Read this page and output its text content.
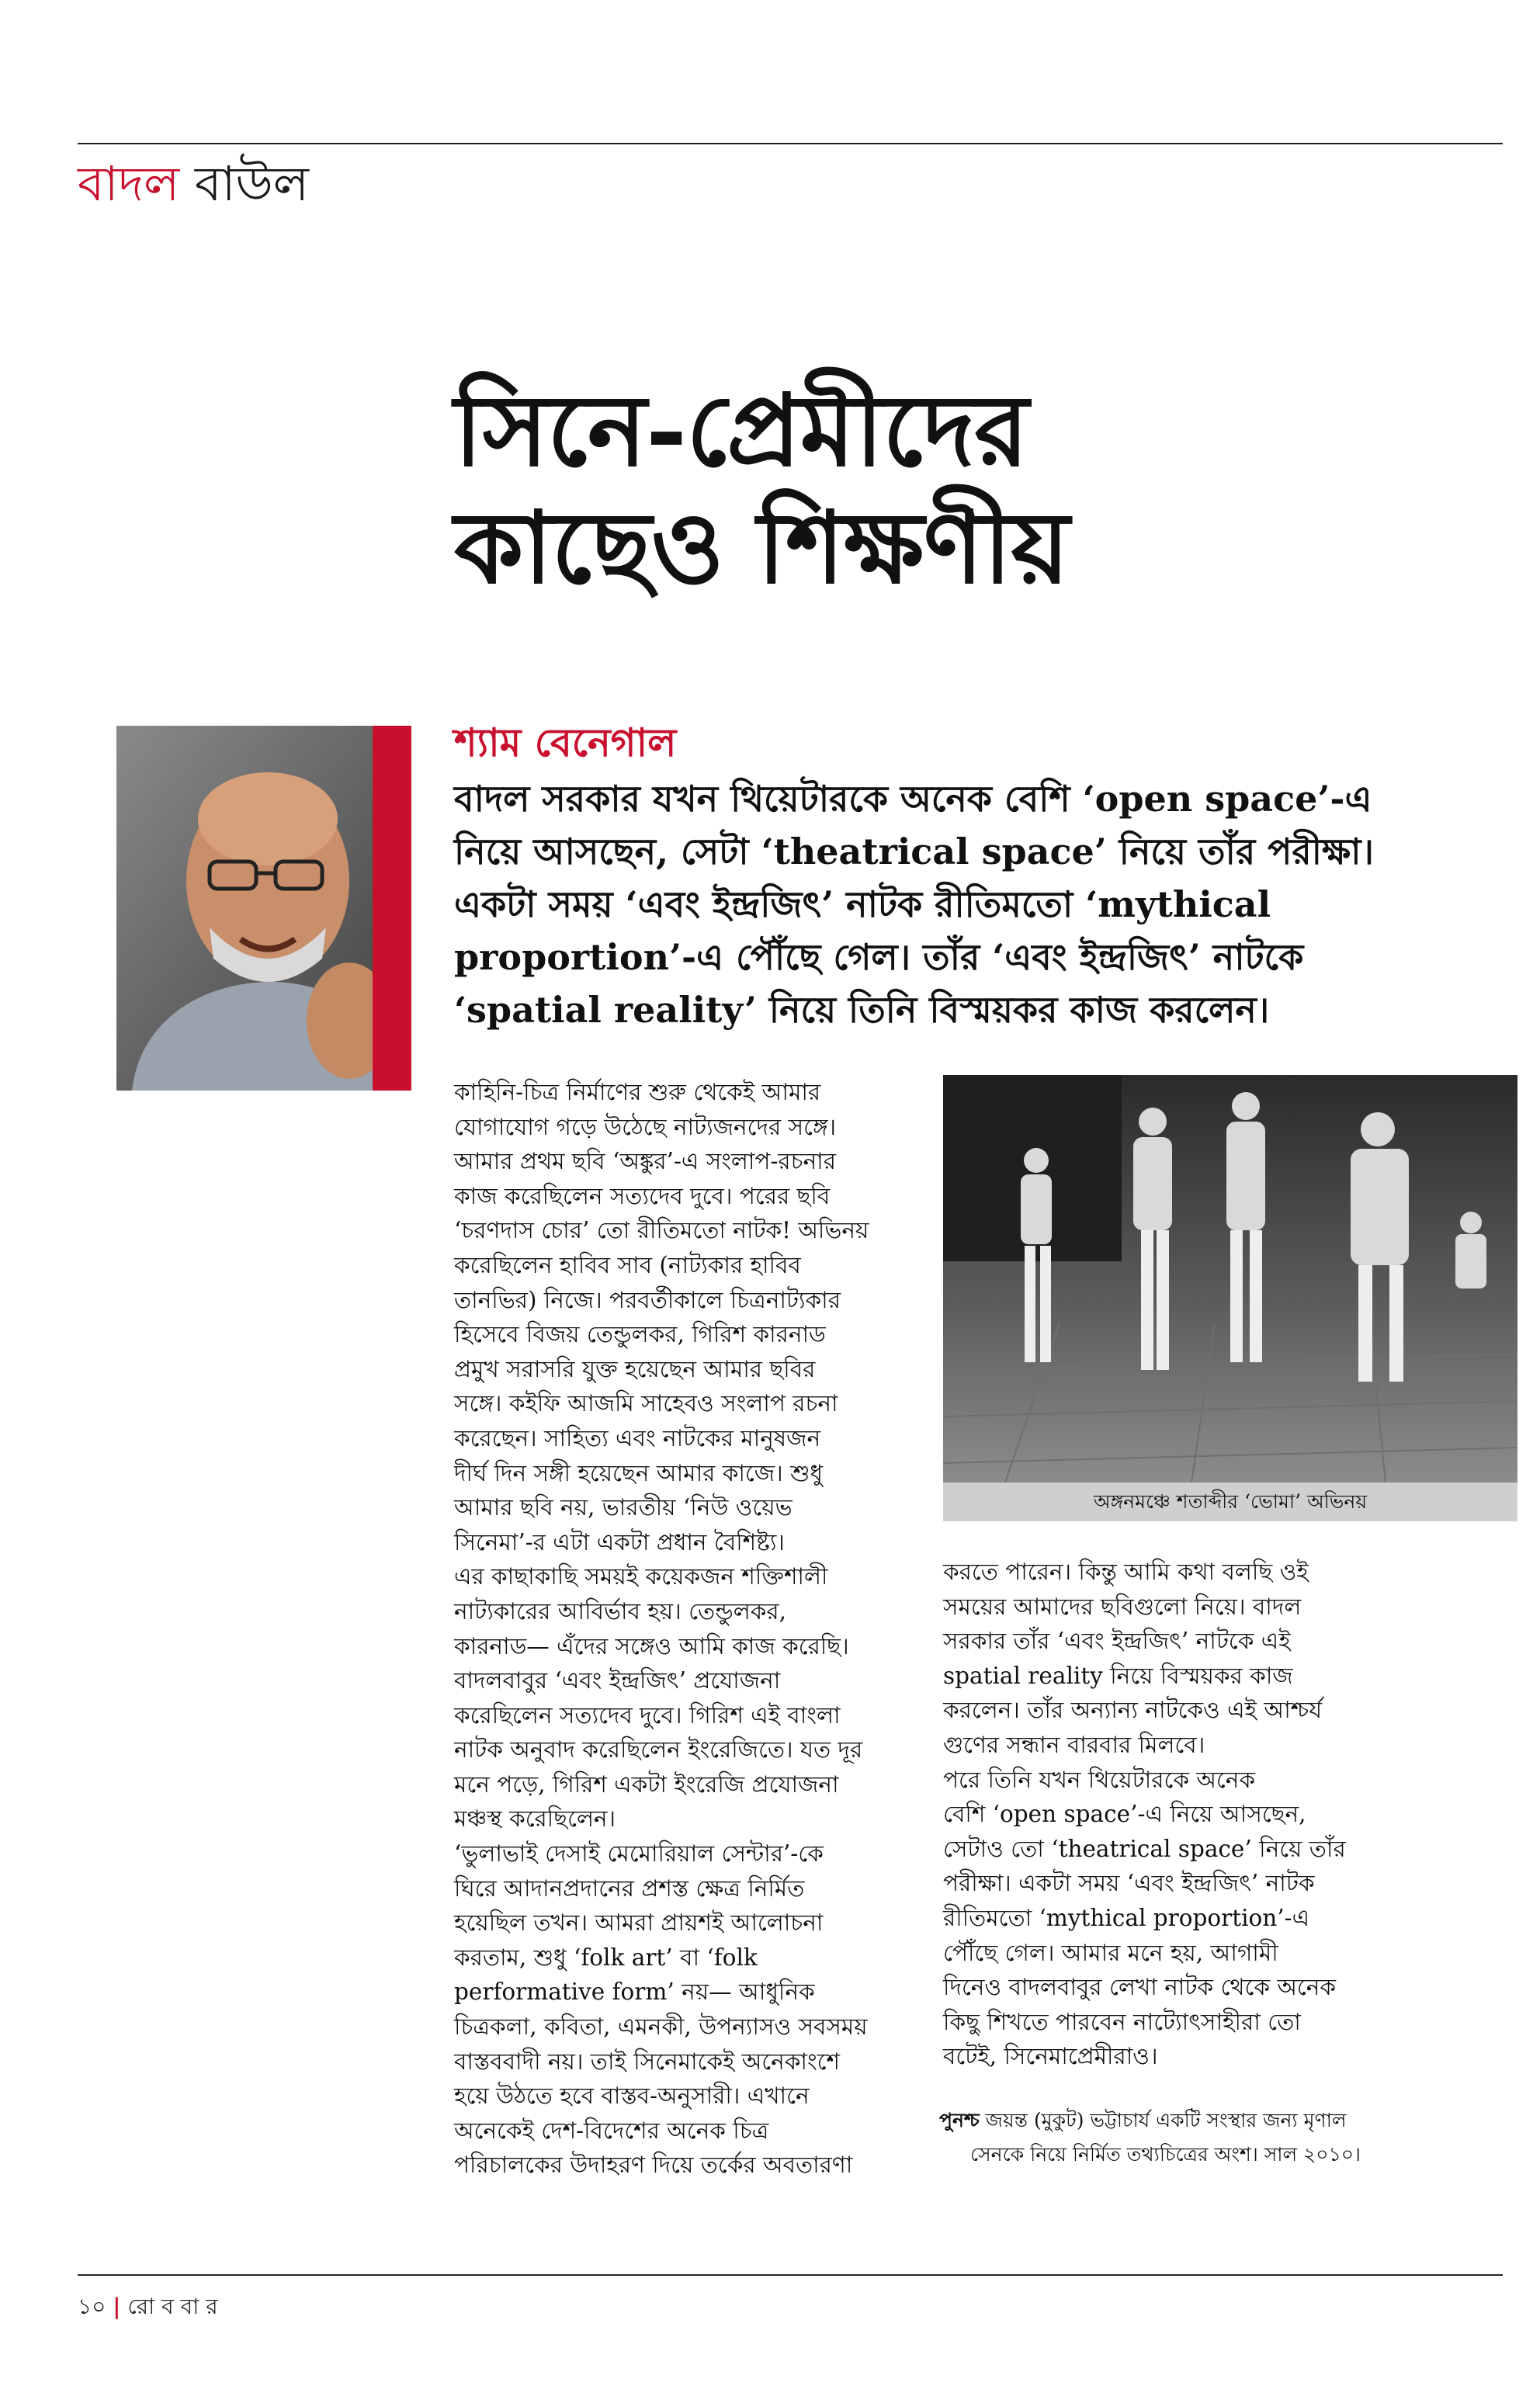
বাদল বাউল
সিনে-প্রেমীদের
কাছেও শিক্ষণীয়
শ্যাম বেনেগাল
বাদল সরকার যখন থিয়েটারকে অনেক বেশি ‘open space’-এ
নিয়ে আসছেন, সেটা ‘theatrical space’ নিয়ে তাঁর পরীক্ষা।
একটা সময় ‘এবং ইন্দ্রজিৎ’ নাটক রীতিমতো ‘mythical
proportion’-এ পৌঁছে গেল। তাঁর ‘এবং ইন্দ্রজিৎ’ নাটকে
‘spatial reality’ নিয়ে তিনি বিস্ময়কর কাজ করলেন।
কাহিনি-চিত্র নির্মাণের শুরু থেকেই আমার
যোগাযোগ গড়ে উঠেছে নাট্যজনদের সঙ্গে।
আমার প্রথম ছবি ‘অঙ্কুর’-এ সংলাপ-রচনার
কাজ করেছিলেন সত্যদেব দুবে। পরের ছবি
‘চরণদাস চোর’ তো রীতিমতো নাটক! অভিনয়
করেছিলেন হাবিব সাব (নাট্যকার হাবিব
তানভির) নিজে। পরবর্তীকালে চিত্রনাট্যকার
হিসেবে বিজয় তেন্ডুলকর, গিরিশ কারনাড
প্রমুখ সরাসরি যুক্ত হয়েছেন আমার ছবির
সঙ্গে। কইফি আজমি সাহেবও সংলাপ রচনা
করেছেন। সাহিত্য এবং নাটকের মানুষজন
দীর্ঘ দিন সঙ্গী হয়েছেন আমার কাজে। শুধু
আমার ছবি নয়, ভারতীয় ‘নিউ ওয়েভ
সিনেমা’-র এটা একটা প্রধান বৈশিষ্ট্য।
এর কাছাকাছি সময়ই কয়েকজন শক্তিশালী
নাট্যকারের আবির্ভাব হয়। তেন্ডুলকর,
কারনাড— এঁদের সঙ্গেও আমি কাজ করেছি।
বাদলবাবুর ‘এবং ইন্দ্রজিৎ’ প্রযোজনা
করেছিলেন সত্যদেব দুবে। গিরিশ এই বাংলা
নাটক অনুবাদ করেছিলেন ইংরেজিতে। যত দূর
মনে পড়ে, গিরিশ একটা ইংরেজি প্রযোজনা
মঞ্চস্থ করেছিলেন।
‘ভুলাভাই দেসাই মেমোরিয়াল সেন্টার’-কে
ঘিরে আদানপ্রদানের প্রশস্ত ক্ষেত্র নির্মিত
হয়েছিল তখন। আমরা প্রায়শই আলোচনা
করতাম, শুধু ‘folk art’ বা ‘folk
performative form’ নয়— আধুনিক
চিত্রকলা, কবিতা, এমনকী, উপন্যাসও সবসময়
বাস্তববাদী নয়। তাই সিনেমাকেই অনেকাংশে
হয়ে উঠতে হবে বাস্তব-অনুসারী। এখানে
অনেকেই দেশ-বিদেশের অনেক চিত্র
পরিচালকের উদাহরণ দিয়ে তর্কের অবতারণা
অঙ্গনমঞ্চে শতাব্দীর ‘ভোমা’ অভিনয়
করতে পারেন। কিন্তু আমি কথা বলছি ওই
সময়ের আমাদের ছবিগুলো নিয়ে। বাদল
সরকার তাঁর ‘এবং ইন্দ্রজিৎ’ নাটকে এই
spatial reality নিয়ে বিস্ময়কর কাজ
করলেন। তাঁর অন্যান্য নাটকেও এই আশ্চর্য
গুণের সন্ধান বারবার মিলবে।
পরে তিনি যখন থিয়েটারকে অনেক
বেশি ‘open space’-এ নিয়ে আসছেন,
সেটাও তো ‘theatrical space’ নিয়ে তাঁর
পরীক্ষা। একটা সময় ‘এবং ইন্দ্রজিৎ’ নাটক
রীতিমতো ‘mythical proportion’-এ
পৌঁছে গেল। আমার মনে হয়, আগামী
দিনেও বাদলবাবুর লেখা নাটক থেকে অনেক
কিছু শিখতে পারবেন নাট্যোৎসাহীরা তো
বটেই, সিনেমাপ্রেমীরাও।
পুনশ্চ জয়ন্ত (মুকুট) ভট্টাচার্য একটি সংস্থার জন্য মৃণাল
সেনকে নিয়ে নির্মিত তথ্যচিত্রের অংশ। সাল ২০১০।
১০ | রো ব বা র
